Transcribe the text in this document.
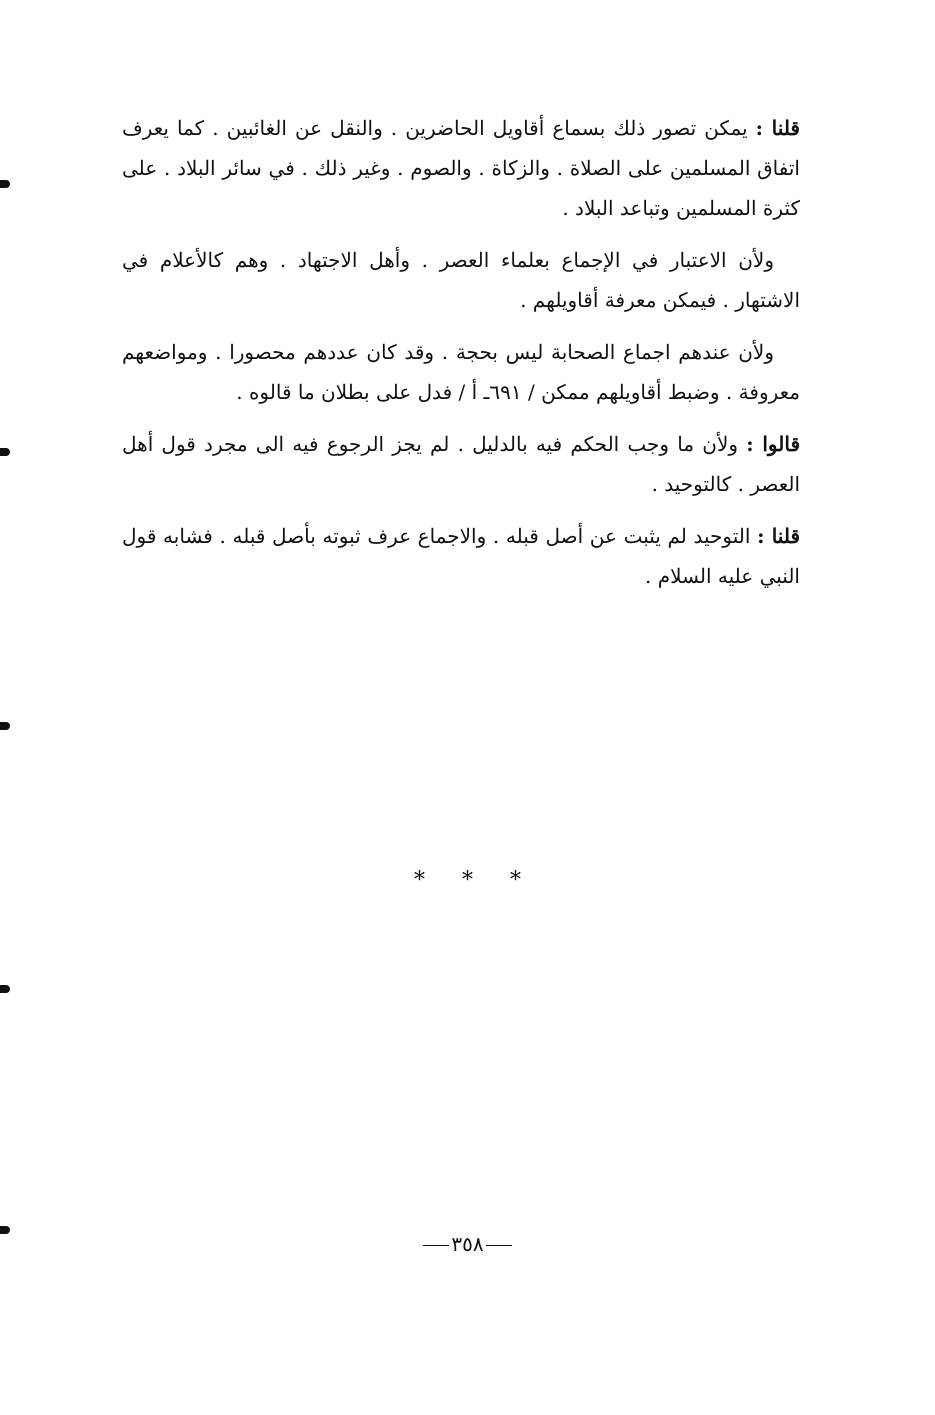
قلنا : يمكن تصور ذلك بسماع أقاويل الحاضرين . والنقل عن الغائبين . كما يعرف اتفاق المسلمين على الصلاة . والزكاة . والصوم . وغير ذلك . في سائر البلاد . على كثرة المسلمين وتباعد البلاد .

ولأن الاعتبار في الإجماع بعلماء العصر . وأهل الاجتهاد . وهم كالأعلام في الاشتهار . فيمكن معرفة أقاويلهم .

ولأن عندهم اجماع الصحابة ليس بحجة . وقد كان عددهم محصورا . ومواضعهم معروفة . وضبط أقاويلهم ممكن / ٦٩١ـ أ / فدل على بطلان ما قالوه .

قالوا : ولأن ما وجب الحكم فيه بالدليل . لم يجز الرجوع فيه الى مجرد قول أهل العصر . كالتوحيد .

قلنا : التوحيد لم يثبت عن أصل قبله . والاجماع عرف ثبوته بأصل قبله . فشابه قول النبي عليه السلام .

* * *
٣٥٨
